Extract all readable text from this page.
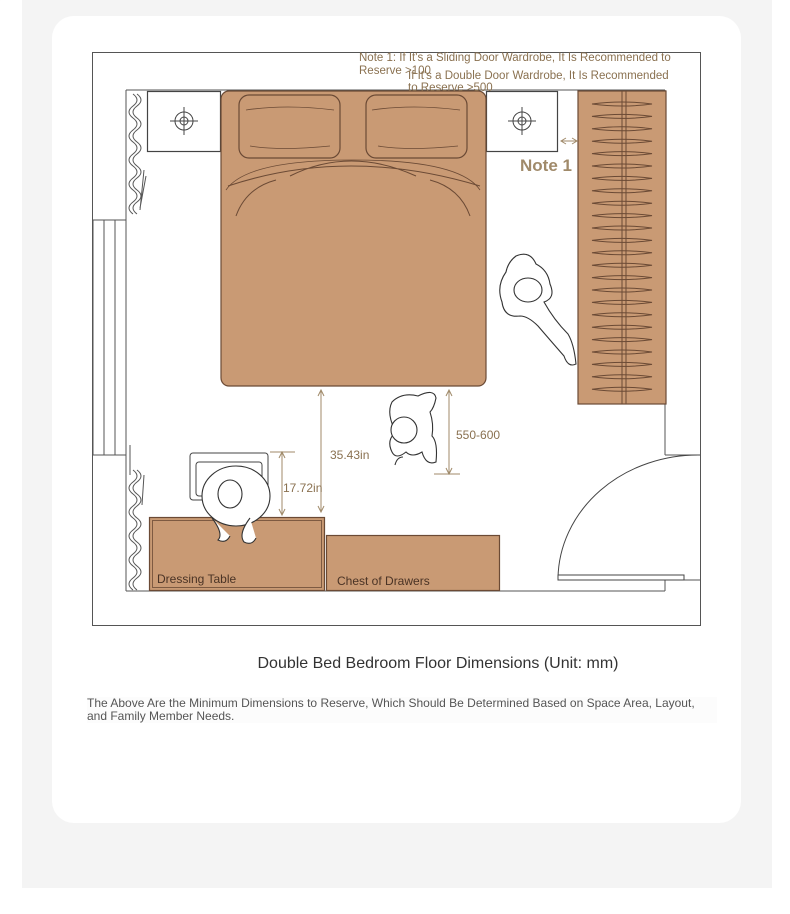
Note 1: If It's a Sliding Door Wardrobe, It Is Recommended to
Reserve >100
If It's a Double Door Wardrobe, It Is Recommended
to Reserve >500
Note 1
35.43in
17.72in
550-600
Dressing Table	Chest of Drawers
Double Bed Bedroom Floor Dimensions (Unit: mm)
The Above Are the Minimum Dimensions to Reserve, Which Should Be Determined Based on Space Area, Layout, and Family Member Needs.
